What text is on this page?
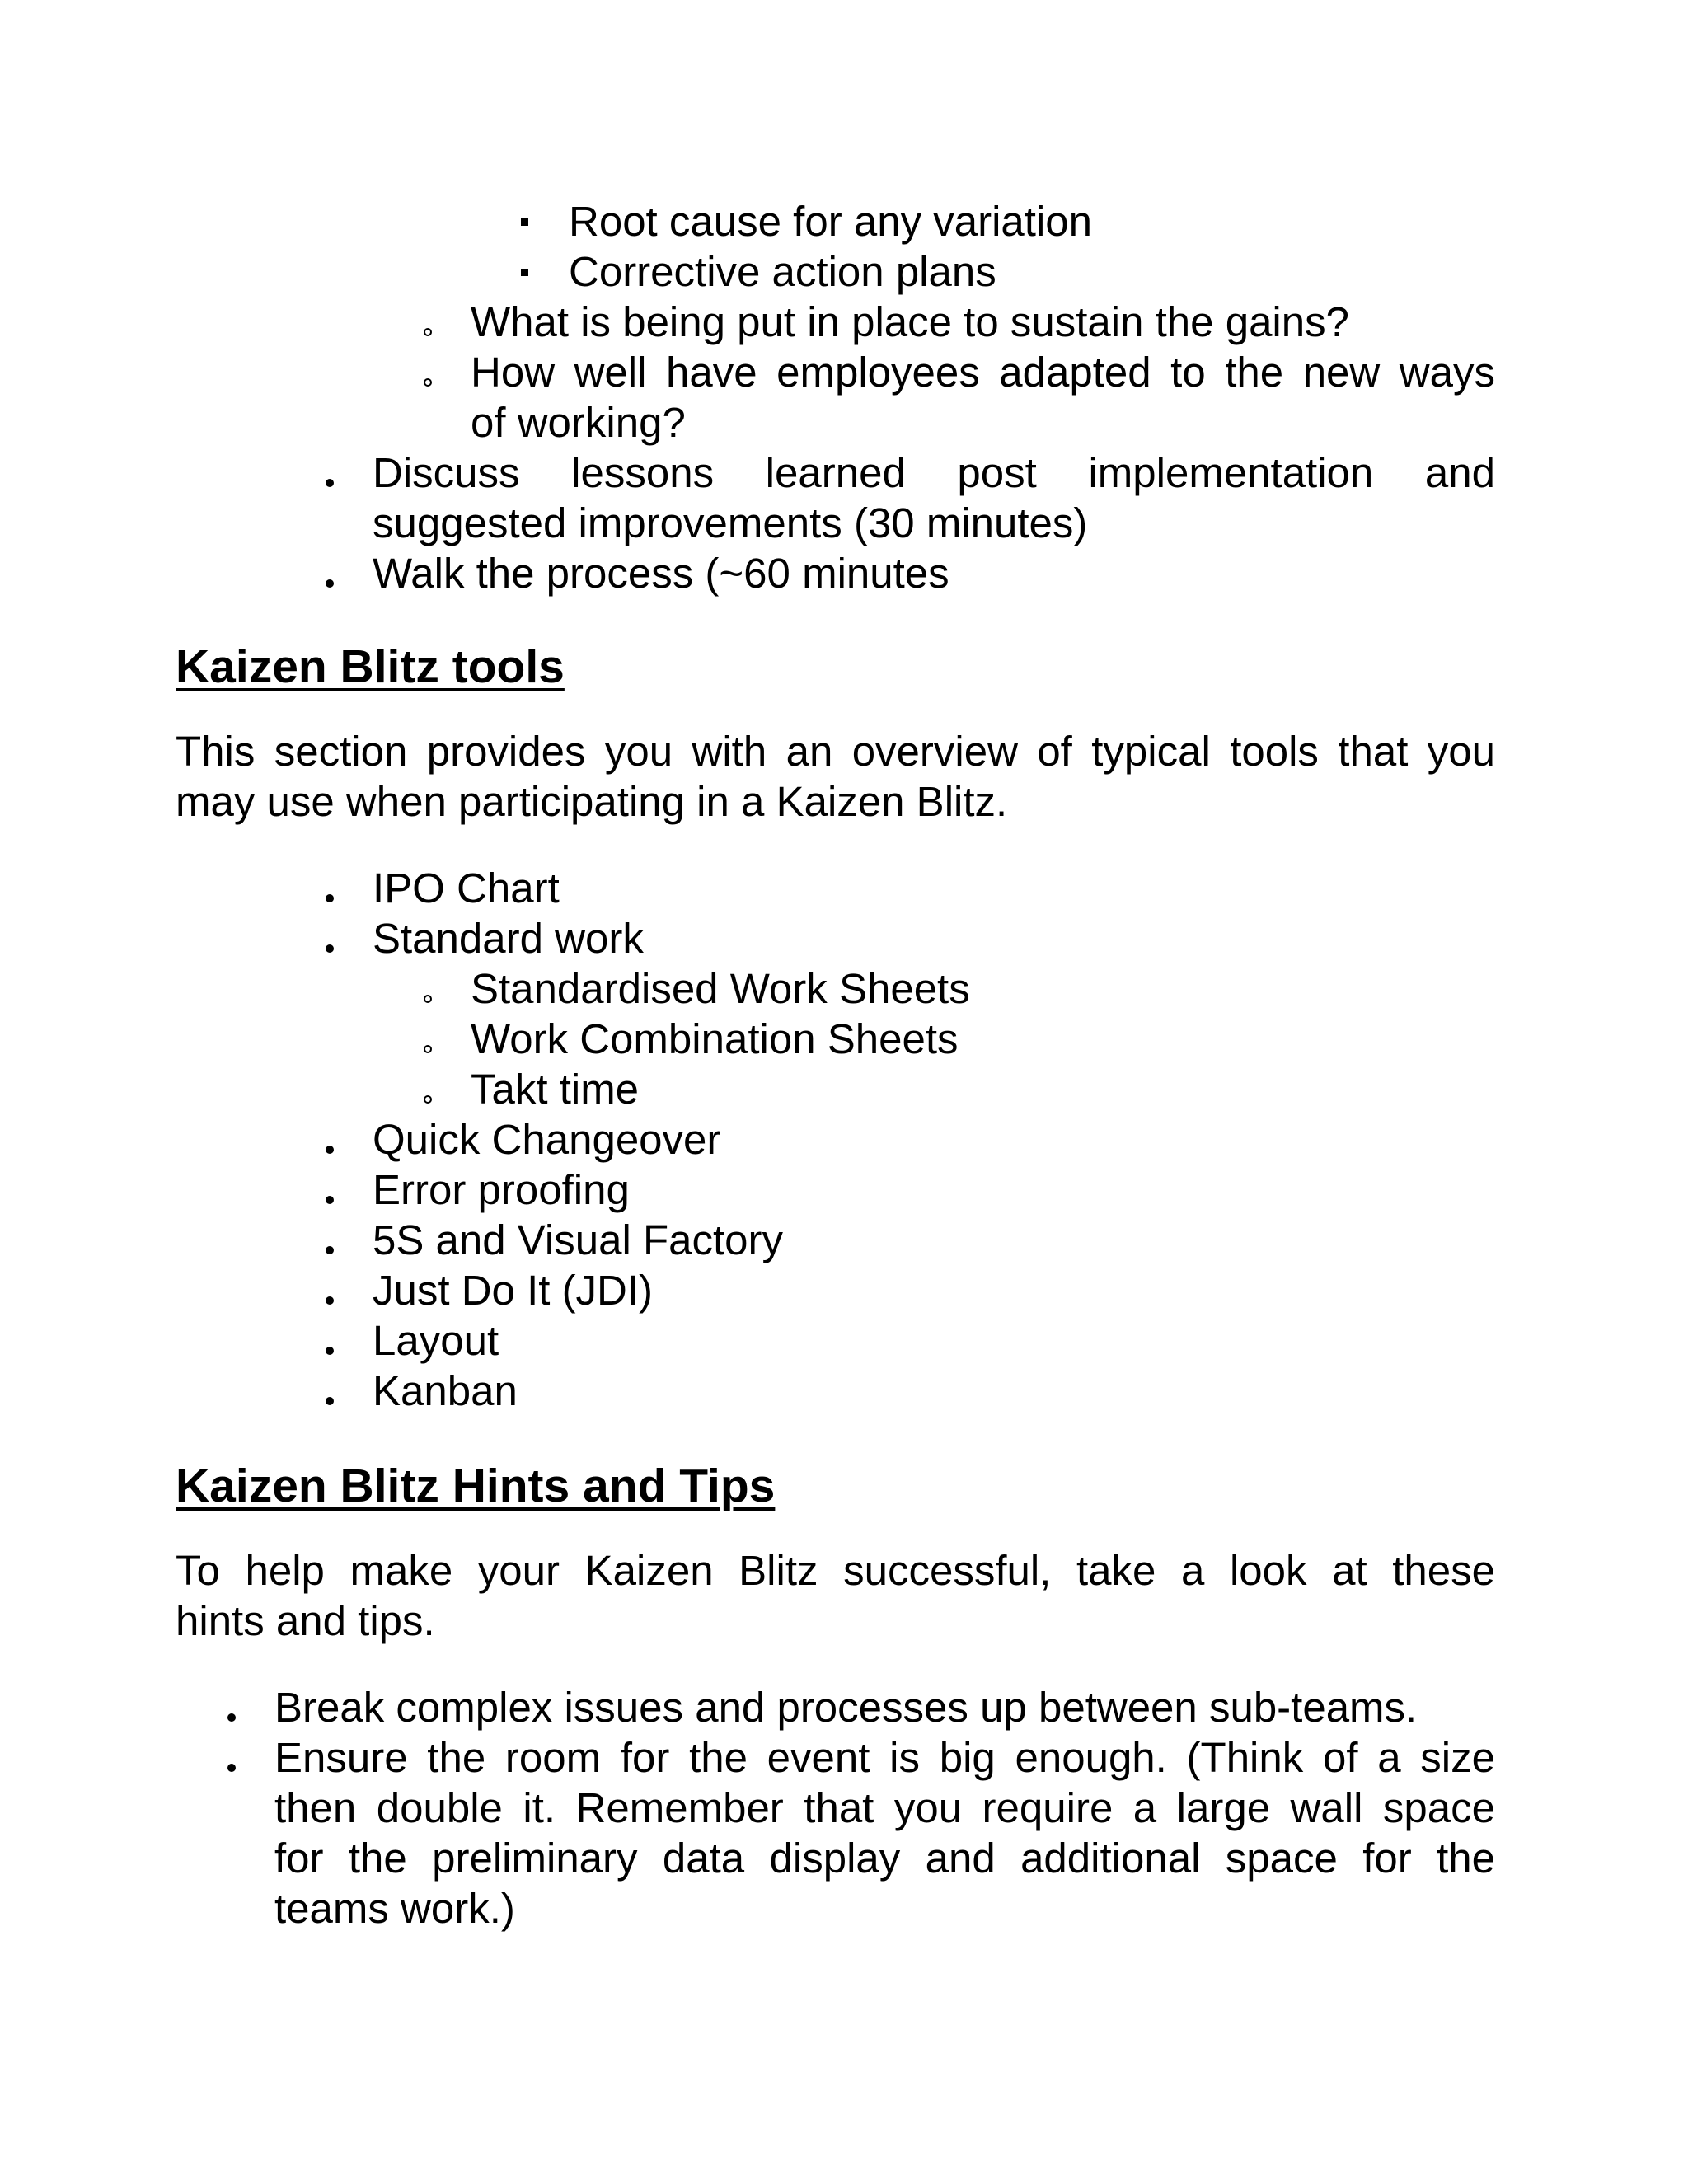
Root cause for any variation
Corrective action plans
What is being put in place to sustain the gains?
How well have employees adapted to the new ways
of working?
Discuss lessons learned post implementation and
suggested improvements (30 minutes)
Walk the process (~60 minutes
Kaizen Blitz tools
This section provides you with an overview of typical tools that you
may use when participating in a Kaizen Blitz.
IPO Chart
Standard work
Standardised Work Sheets
Work Combination Sheets
Takt time
Quick Changeover
Error proofing
5S and Visual Factory
Just Do It (JDI)
Layout
Kanban
Kaizen Blitz Hints and Tips
To help make your Kaizen Blitz successful, take a look at these
hints and tips.
Break complex issues and processes up between sub-teams.
Ensure the room for the event is big enough. (Think of a size
then double it. Remember that you require a large wall space
for the preliminary data display and additional space for the
teams work.)
